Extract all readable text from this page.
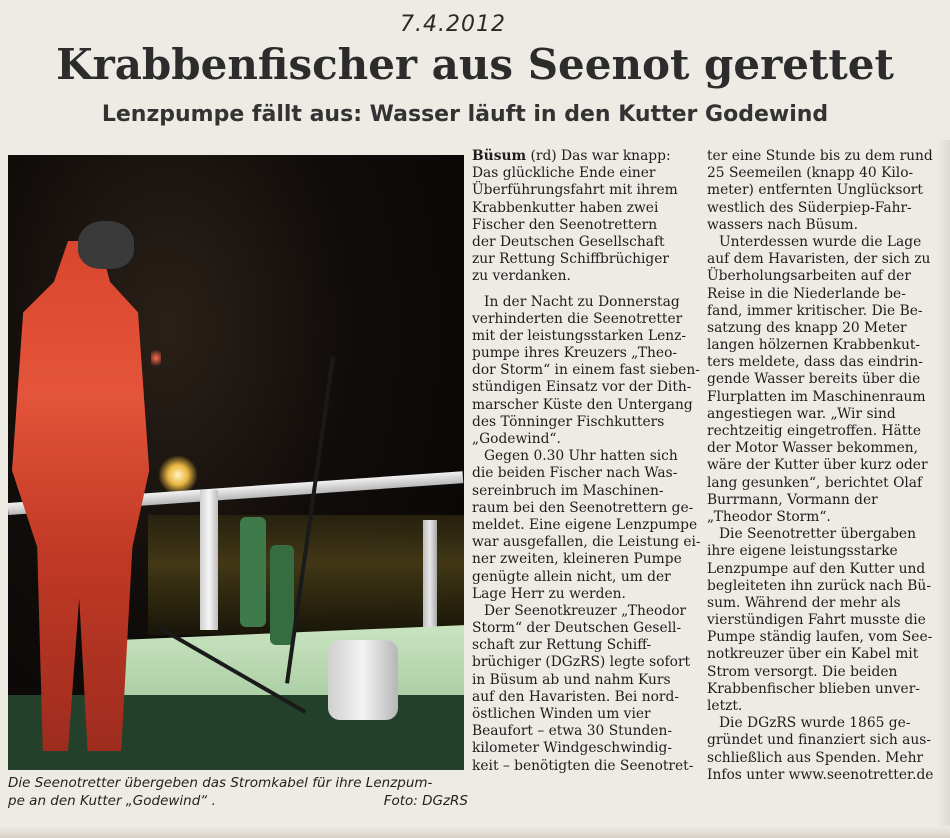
7.4.2012
Krabbenfischer aus Seenot gerettet
Lenzpumpe fällt aus: Wasser läuft in den Kutter Godewind
Die Seenotretter übergeben das Stromkabel für ihre Lenzpum-
pe an den Kutter „Godewind“ .	Foto: DGzRS
Büsum (rd) Das war knapp:
Das glückliche Ende einer
Überführungsfahrt mit ihrem
Krabbenkutter haben zwei
Fischer den Seenotrettern
der Deutschen Gesellschaft
zur Rettung Schiffbrüchiger
zu verdanken.
In der Nacht zu Donnerstag
verhinderten die Seenotretter
mit der leistungsstarken Lenz-
pumpe ihres Kreuzers „Theo-
dor Storm“ in einem fast sieben-
stündigen Einsatz vor der Dith-
marscher Küste den Untergang
des Tönninger Fischkutters
„Godewind“.
Gegen 0.30 Uhr hatten sich
die beiden Fischer nach Was-
sereinbruch im Maschinen-
raum bei den Seenotrettern ge-
meldet. Eine eigene Lenzpumpe
war ausgefallen, die Leistung ei-
ner zweiten, kleineren Pumpe
genügte allein nicht, um der
Lage Herr zu werden.
Der Seenotkreuzer „Theodor
Storm“ der Deutschen Gesell-
schaft zur Rettung Schiff-
brüchiger (DGzRS) legte sofort
in Büsum ab und nahm Kurs
auf den Havaristen. Bei nord-
östlichen Winden um vier
Beaufort – etwa 30 Stunden-
kilometer Windgeschwindig-
keit – benötigten die Seenotret-
ter eine Stunde bis zu dem rund
25 Seemeilen (knapp 40 Kilo-
meter) entfernten Unglücksort
westlich des Süderpiep-Fahr-
wassers nach Büsum.
Unterdessen wurde die Lage
auf dem Havaristen, der sich zu
Überholungsarbeiten auf der
Reise in die Niederlande be-
fand, immer kritischer. Die Be-
satzung des knapp 20 Meter
langen hölzernen Krabbenkut-
ters meldete, dass das eindrin-
gende Wasser bereits über die
Flurplatten im Maschinenraum
angestiegen war. „Wir sind
rechtzeitig eingetroffen. Hätte
der Motor Wasser bekommen,
wäre der Kutter über kurz oder
lang gesunken“, berichtet Olaf
Burrmann, Vormann der
„Theodor Storm“.
Die Seenotretter übergaben
ihre eigene leistungsstarke
Lenzpumpe auf den Kutter und
begleiteten ihn zurück nach Bü-
sum. Während der mehr als
vierstündigen Fahrt musste die
Pumpe ständig laufen, vom See-
notkreuzer über ein Kabel mit
Strom versorgt. Die beiden
Krabbenfischer blieben unver-
letzt.
Die DGzRS wurde 1865 ge-
gründet und finanziert sich aus-
schließlich aus Spenden. Mehr
Infos unter www.seenotretter.de
